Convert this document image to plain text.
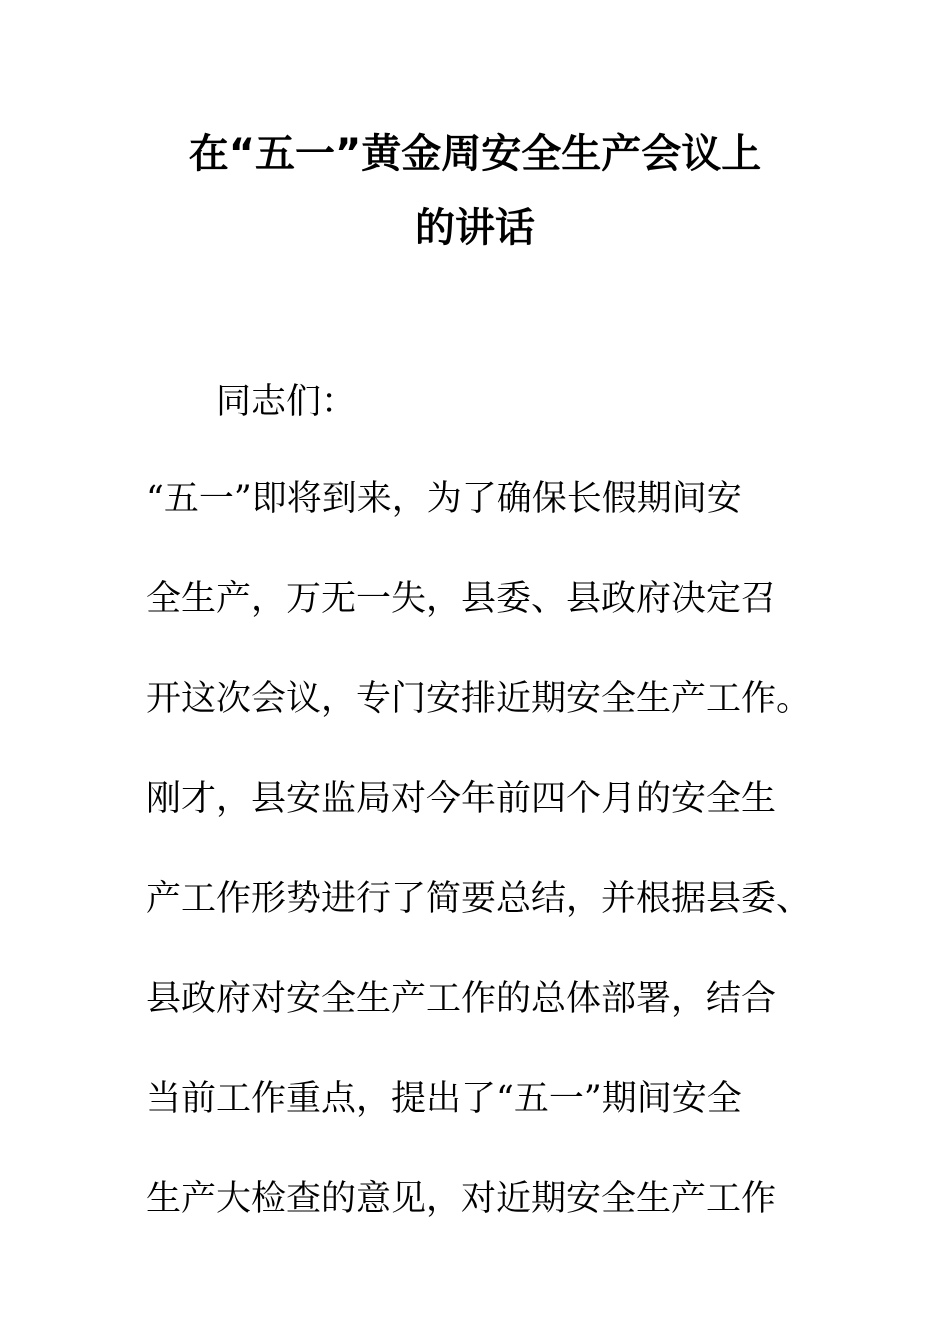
在“五一”黄金周安全生产会议上
的讲话
同志们：
“五一”即将到来，为了确保长假期间安
全生产，万无一失，县委、县政府决定召
开这次会议，专门安排近期安全生产工作。
刚才，县安监局对今年前四个月的安全生
产工作形势进行了简要总结，并根据县委、
县政府对安全生产工作的总体部署，结合
当前工作重点，提出了“五一”期间安全
生产大检查的意见，对近期安全生产工作
